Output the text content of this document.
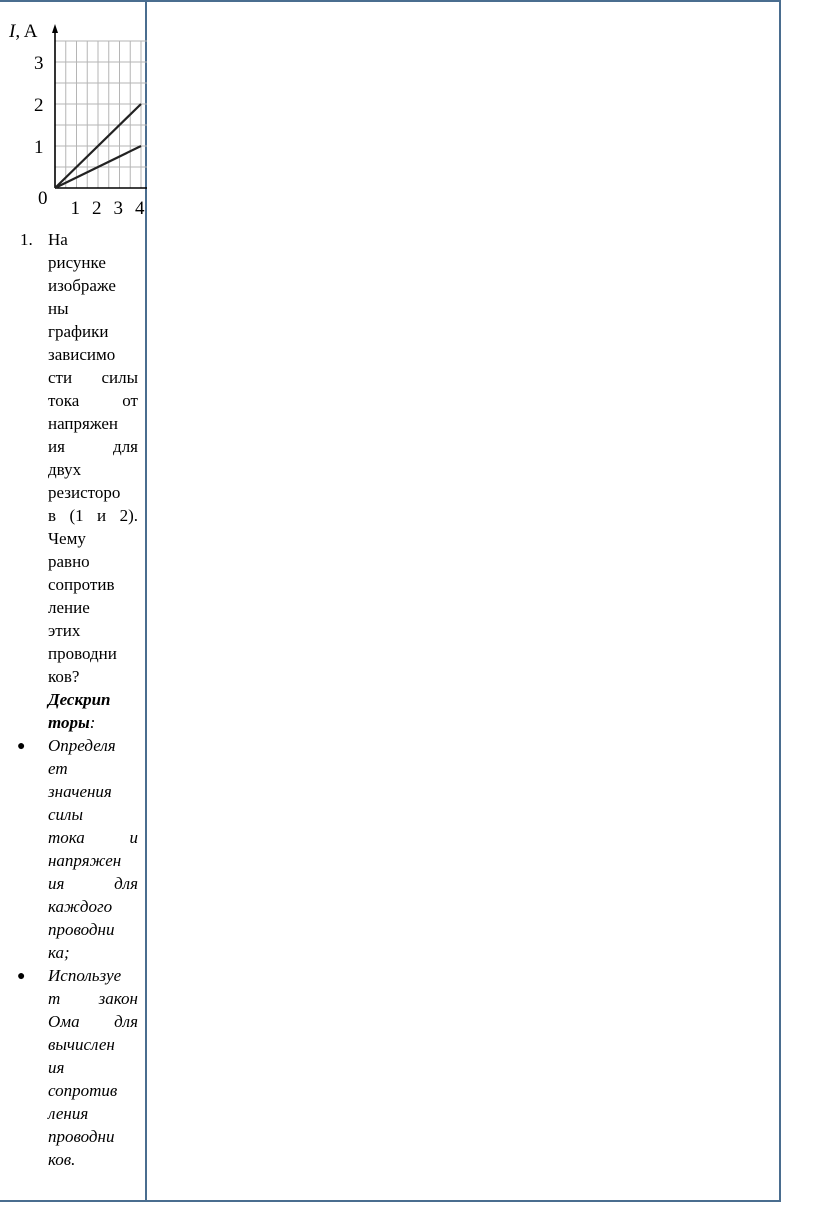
I, A
0
1
2
3
1 2 3 4
1. На
рисунке
изображе
ны
графики
зависимо
сти силы
тока	от
напряжен
ия	для
двух
резисторо
в (1 и 2).
Чему
равно
сопротив
ление
этих
проводни
ков?
Дескрип
торы:
Определя
ет
значения
силы
тока	и
напряжен
ия	для
каждого
проводни
ка;
Используе
т закон
Ома для
вычислен
ия
сопротив
ления
проводни
ков.
●
●
